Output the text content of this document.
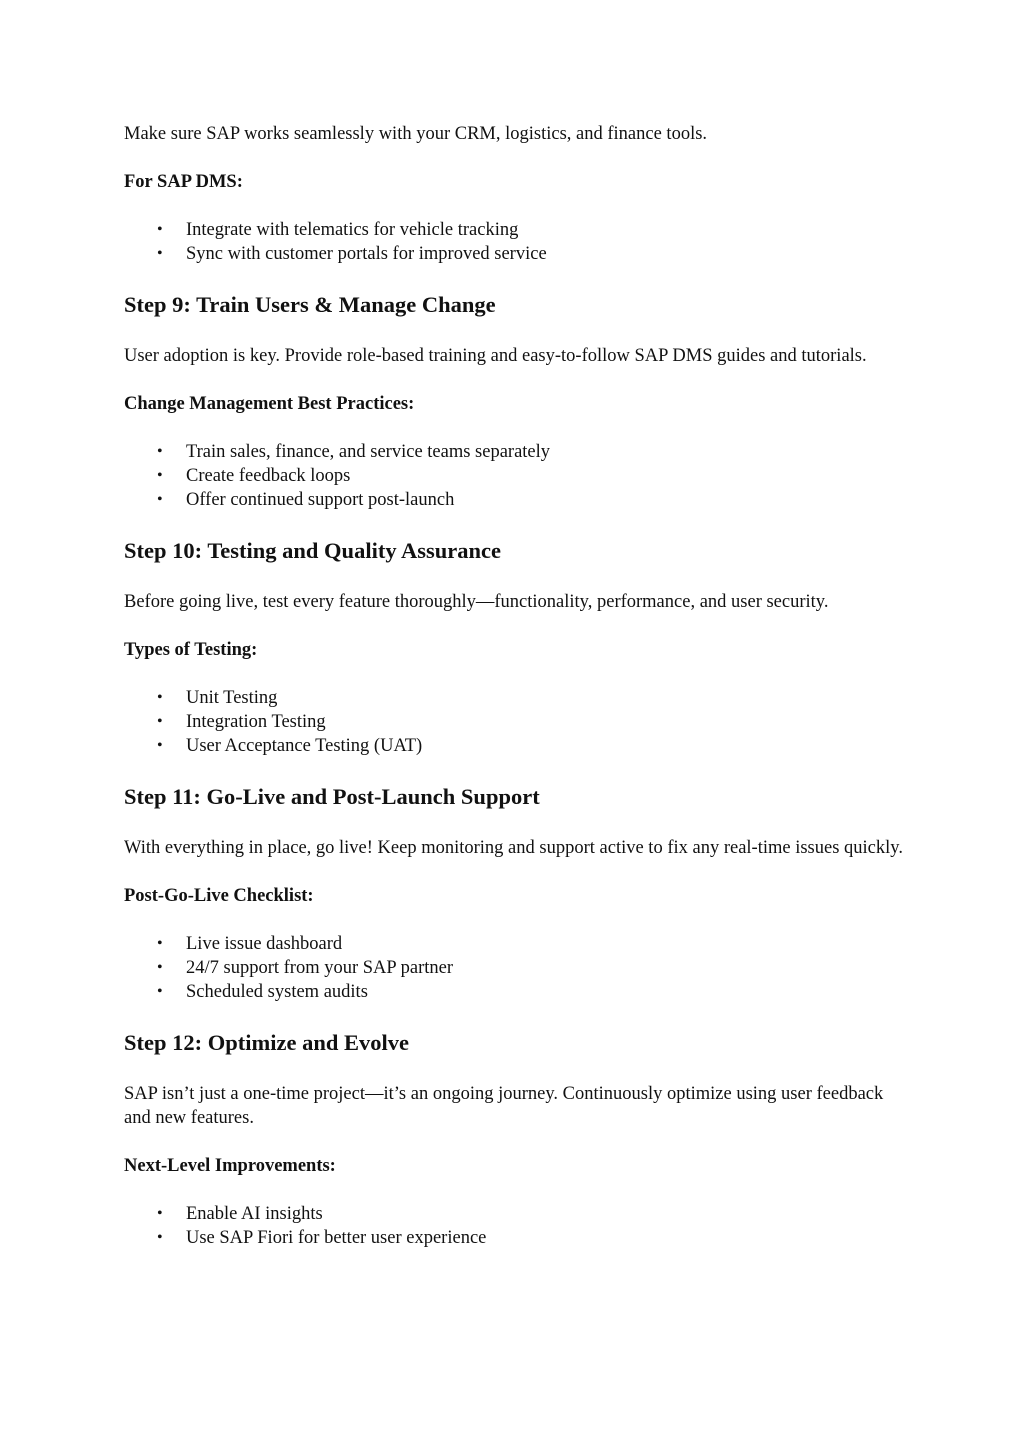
Make sure SAP works seamlessly with your CRM, logistics, and finance tools.

For SAP DMS:

• Integrate with telematics for vehicle tracking
• Sync with customer portals for improved service
Step 9: Train Users & Manage Change

User adoption is key. Provide role-based training and easy-to-follow SAP DMS guides and tutorials.

Change Management Best Practices:

• Train sales, finance, and service teams separately
• Create feedback loops
• Offer continued support post-launch
Step 10: Testing and Quality Assurance

Before going live, test every feature thoroughly—functionality, performance, and user security.

Types of Testing:

• Unit Testing
• Integration Testing
• User Acceptance Testing (UAT)
Step 11: Go-Live and Post-Launch Support

With everything in place, go live! Keep monitoring and support active to fix any real-time issues quickly.

Post-Go-Live Checklist:

• Live issue dashboard
• 24/7 support from your SAP partner
• Scheduled system audits
Step 12: Optimize and Evolve

SAP isn’t just a one-time project—it’s an ongoing journey. Continuously optimize using user feedback and new features.

Next-Level Improvements:

• Enable AI insights
• Use SAP Fiori for better user experience
